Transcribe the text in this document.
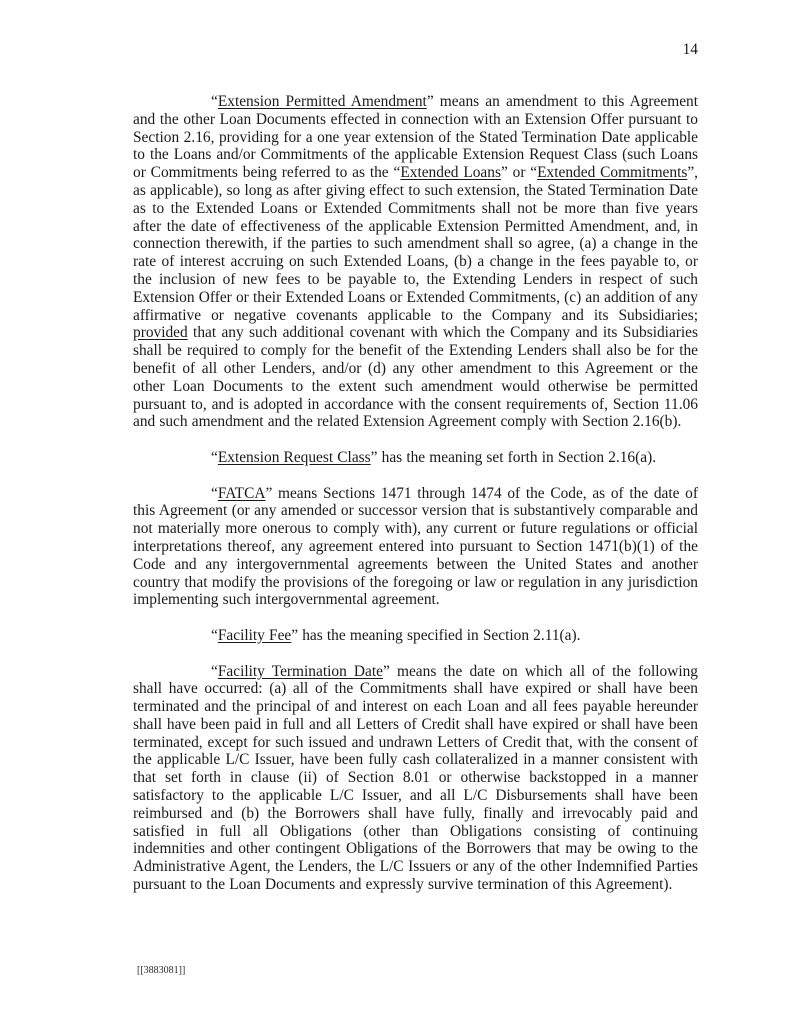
14

“Extension Permitted Amendment” means an amendment to this Agreement and the other Loan Documents effected in connection with an Extension Offer pursuant to Section 2.16, providing for a one year extension of the Stated Termination Date applicable to the Loans and/or Commitments of the applicable Extension Request Class (such Loans or Commitments being referred to as the “Extended Loans” or “Extended Commitments”, as applicable), so long as after giving effect to such extension, the Stated Termination Date as to the Extended Loans or Extended Commitments shall not be more than five years after the date of effectiveness of the applicable Extension Permitted Amendment, and, in connection therewith, if the parties to such amendment shall so agree, (a) a change in the rate of interest accruing on such Extended Loans, (b) a change in the fees payable to, or the inclusion of new fees to be payable to, the Extending Lenders in respect of such Extension Offer or their Extended Loans or Extended Commitments, (c) an addition of any affirmative or negative covenants applicable to the Company and its Subsidiaries; provided that any such additional covenant with which the Company and its Subsidiaries shall be required to comply for the benefit of the Extending Lenders shall also be for the benefit of all other Lenders, and/or (d) any other amendment to this Agreement or the other Loan Documents to the extent such amendment would otherwise be permitted pursuant to, and is adopted in accordance with the consent requirements of, Section 11.06 and such amendment and the related Extension Agreement comply with Section 2.16(b).

“Extension Request Class” has the meaning set forth in Section 2.16(a).

“FATCA” means Sections 1471 through 1474 of the Code, as of the date of this Agreement (or any amended or successor version that is substantively comparable and not materially more onerous to comply with), any current or future regulations or official interpretations thereof, any agreement entered into pursuant to Section 1471(b)(1) of the Code and any intergovernmental agreements between the United States and another country that modify the provisions of the foregoing or law or regulation in any jurisdiction implementing such intergovernmental agreement.

“Facility Fee” has the meaning specified in Section 2.11(a).

“Facility Termination Date” means the date on which all of the following shall have occurred: (a) all of the Commitments shall have expired or shall have been terminated and the principal of and interest on each Loan and all fees payable hereunder shall have been paid in full and all Letters of Credit shall have expired or shall have been terminated, except for such issued and undrawn Letters of Credit that, with the consent of the applicable L/C Issuer, have been fully cash collateralized in a manner consistent with that set forth in clause (ii) of Section 8.01 or otherwise backstopped in a manner satisfactory to the applicable L/C Issuer, and all L/C Disbursements shall have been reimbursed and (b) the Borrowers shall have fully, finally and irrevocably paid and satisfied in full all Obligations (other than Obligations consisting of continuing indemnities and other contingent Obligations of the Borrowers that may be owing to the Administrative Agent, the Lenders, the L/C Issuers or any of the other Indemnified Parties pursuant to the Loan Documents and expressly survive termination of this Agreement).

[[3883081]]
